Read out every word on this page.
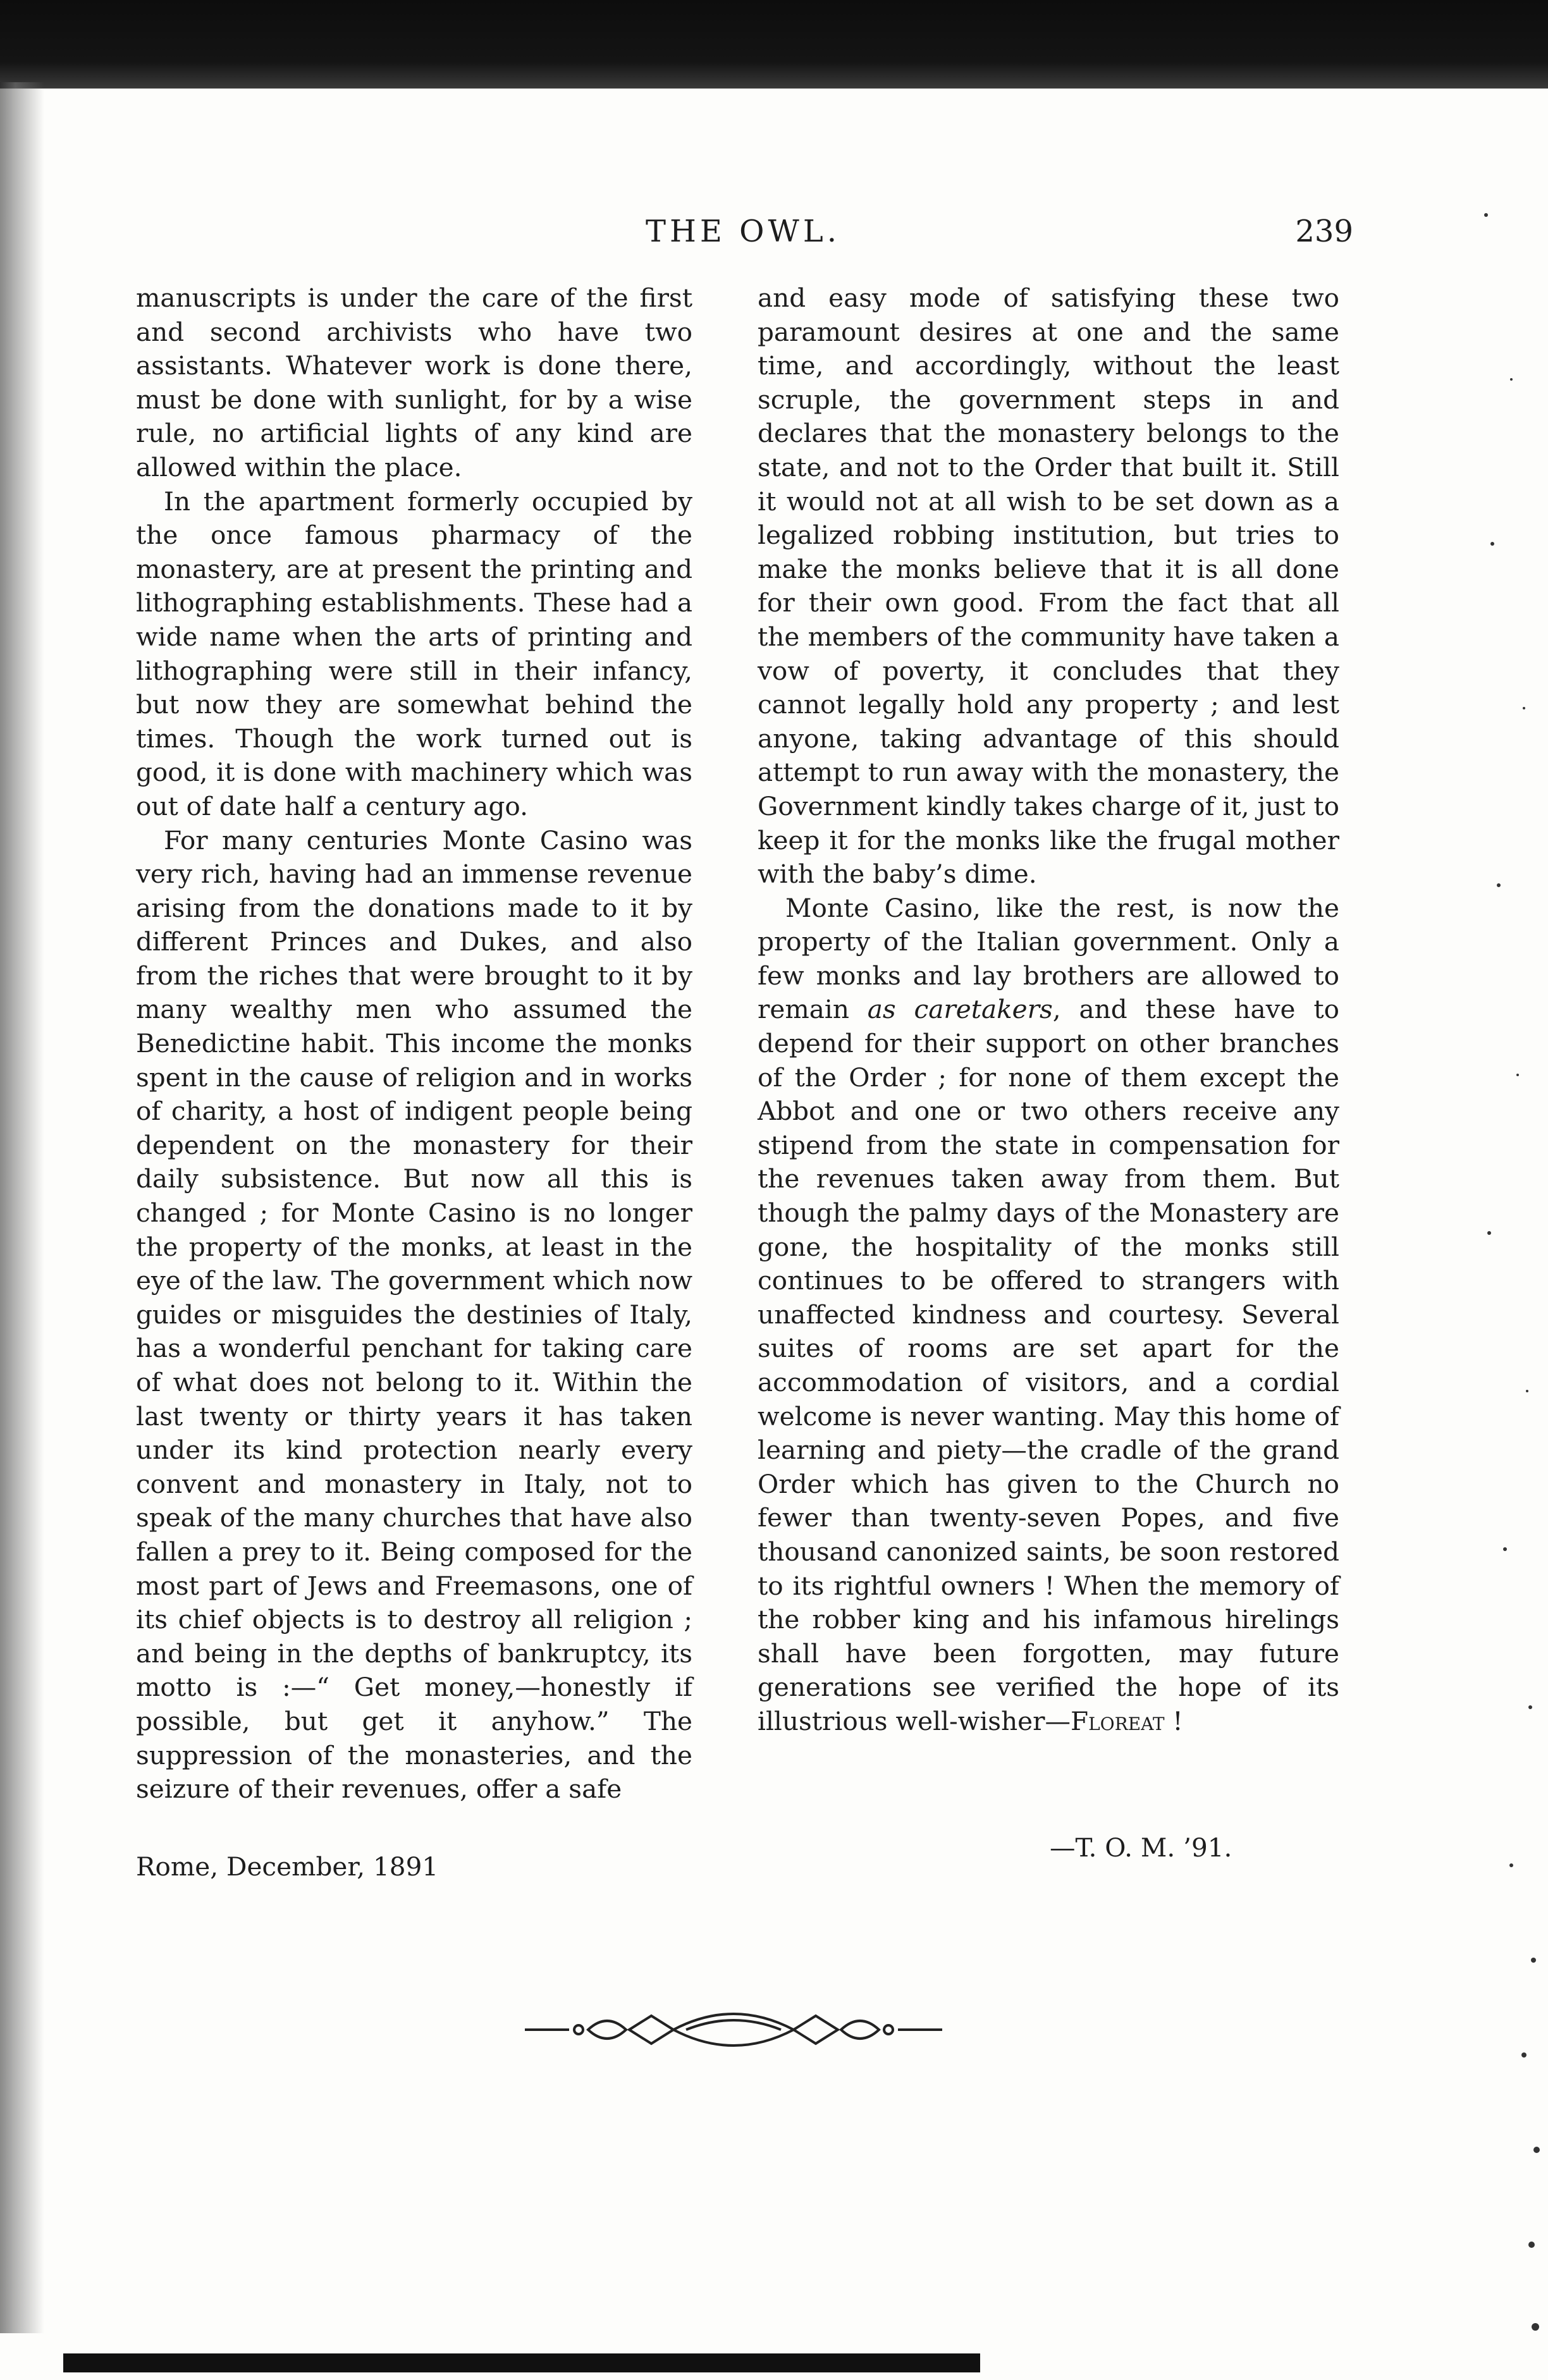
THE OWL.	239

manuscripts is under the care of the first and second archivists who have two assistants. Whatever work is done there, must be done with sunlight, for by a wise rule, no artificial lights of any kind are allowed within the place.

In the apartment formerly occupied by the once famous pharmacy of the monastery, are at present the printing and lithographing establishments. These had a wide name when the arts of printing and lithographing were still in their infancy, but now they are somewhat behind the times. Though the work turned out is good, it is done with machinery which was out of date half a century ago.

For many centuries Monte Casino was very rich, having had an immense revenue arising from the donations made to it by different Princes and Dukes, and also from the riches that were brought to it by many wealthy men who assumed the Benedictine habit. This income the monks spent in the cause of religion and in works of charity, a host of indigent people being dependent on the monastery for their daily subsistence. But now all this is changed ; for Monte Casino is no longer the property of the monks, at least in the eye of the law. The government which now guides or misguides the destinies of Italy, has a wonderful penchant for taking care of what does not belong to it. Within the last twenty or thirty years it has taken under its kind protection nearly every convent and monastery in Italy, not to speak of the many churches that have also fallen a prey to it. Being composed for the most part of Jews and Freemasons, one of its chief objects is to destroy all religion ; and being in the depths of bankruptcy, its motto is :—“ Get money,—honestly if possible, but get it anyhow.” The suppression of the monasteries, and the seizure of their revenues, offer a safe

Rome, December, 1891

and easy mode of satisfying these two paramount desires at one and the same time, and accordingly, without the least scruple, the government steps in and declares that the monastery belongs to the state, and not to the Order that built it. Still it would not at all wish to be set down as a legalized robbing institution, but tries to make the monks believe that it is all done for their own good. From the fact that all the members of the community have taken a vow of poverty, it concludes that they cannot legally hold any property ; and lest anyone, taking advantage of this should attempt to run away with the monastery, the Government kindly takes charge of it, just to keep it for the monks like the frugal mother with the baby’s dime.

Monte Casino, like the rest, is now the property of the Italian government. Only a few monks and lay brothers are allowed to remain as caretakers, and these have to depend for their support on other branches of the Order ; for none of them except the Abbot and one or two others receive any stipend from the state in compensation for the revenues taken away from them. But though the palmy days of the Monastery are gone, the hospitality of the monks still continues to be offered to strangers with unaffected kindness and courtesy. Several suites of rooms are set apart for the accommodation of visitors, and a cordial welcome is never wanting. May this home of learning and piety—the cradle of the grand Order which has given to the Church no fewer than twenty-seven Popes, and five thousand canonized saints, be soon restored to its rightful owners ! When the memory of the robber king and his infamous hirelings shall have been forgotten, may future generations see verified the hope of its illustrious well-wisher—Floreat !

—T. O. M. ’91.
